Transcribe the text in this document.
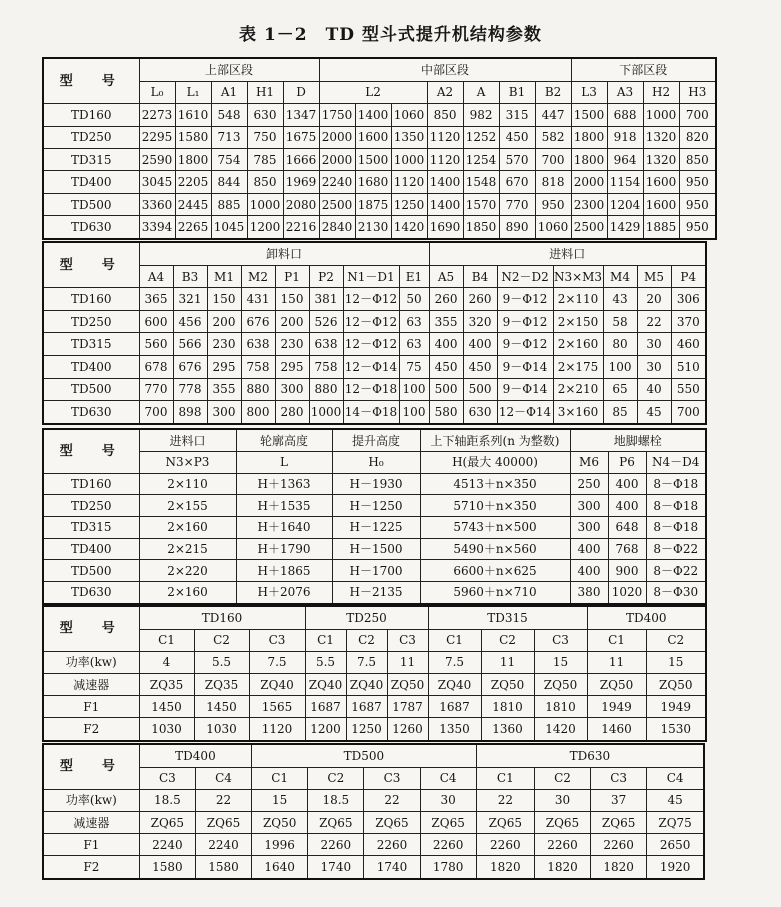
表 1－2　TD 型斗式提升机结构参数
型　号	上部区段					中部区段							下部区段			
	L₀	L₁	A1	H1	D	L2			A2	A	B1	B2	L3	A3	H2	H3
TD160	2273	1610	548	630	1347	1750	1400	1060	850	982	315	447	1500	688	1000	700
TD250	2295	1580	713	750	1675	2000	1600	1350	1120	1252	450	582	1800	918	1320	820
TD315	2590	1800	754	785	1666	2000	1500	1000	1120	1254	570	700	1800	964	1320	850
TD400	3045	2205	844	850	1969	2240	1680	1120	1400	1548	670	818	2000	1154	1600	950
TD500	3360	2445	885	1000	2080	2500	1875	1250	1400	1570	770	950	2300	1204	1600	950
TD630	3394	2265	1045	1200	2216	2840	2130	1420	1690	1850	890	1060	2500	1429	1885	950
型　号	卸料口								进料口						
	A4	B3	M1	M2	P1	P2	N1－D1	E1	A5	B4	N2－D2	N3×M3	M4	M5	P4
TD160	365	321	150	431	150	381	12－Φ12	50	260	260	9－Φ12	2×110	43	20	306
TD250	600	456	200	676	200	526	12－Φ12	63	355	320	9－Φ12	2×150	58	22	370
TD315	560	566	230	638	230	638	12－Φ12	63	400	400	9－Φ12	2×160	80	30	460
TD400	678	676	295	758	295	758	12－Φ14	75	450	450	9－Φ14	2×175	100	30	510
TD500	770	778	355	880	300	880	12－Φ18	100	500	500	9－Φ14	2×210	65	40	550
TD630	700	898	300	800	280	1000	14－Φ18	100	580	630	12－Φ14	3×160	85	45	700
型　号	进料口	轮廓高度	提升高度	上下轴距系列(n 为整数)	地脚螺栓		
	N3×P3	L	H₀	H(最大 40000)	M6	P6	N4－D4
TD160	2×110	H＋1363	H－1930	4513＋n×350	250	400	8－Φ18
TD250	2×155	H＋1535	H－1250	5710＋n×350	300	400	8－Φ18
TD315	2×160	H＋1640	H－1225	5743＋n×500	300	648	8－Φ18
TD400	2×215	H＋1790	H－1500	5490＋n×560	400	768	8－Φ22
TD500	2×220	H＋1865	H－1700	6600＋n×625	400	900	8－Φ22
TD630	2×160	H＋2076	H－2135	5960＋n×710	380	1020	8－Φ30
型　号	TD160			TD250			TD315			TD400	
	C1	C2	C3	C1	C2	C3	C1	C2	C3	C1	C2
功率(kw)	4	5.5	7.5	5.5	7.5	11	7.5	11	15	11	15
减速器	ZQ35	ZQ35	ZQ40	ZQ40	ZQ40	ZQ50	ZQ40	ZQ50	ZQ50	ZQ50	ZQ50
F1	1450	1450	1565	1687	1687	1787	1687	1810	1810	1949	1949
F2	1030	1030	1120	1200	1250	1260	1350	1360	1420	1460	1530
型　号	TD400		TD500				TD630			
	C3	C4	C1	C2	C3	C4	C1	C2	C3	C4
功率(kw)	18.5	22	15	18.5	22	30	22	30	37	45
减速器	ZQ65	ZQ65	ZQ50	ZQ65	ZQ65	ZQ65	ZQ65	ZQ65	ZQ65	ZQ75
F1	2240	2240	1996	2260	2260	2260	2260	2260	2260	2650
F2	1580	1580	1640	1740	1740	1780	1820	1820	1820	1920
